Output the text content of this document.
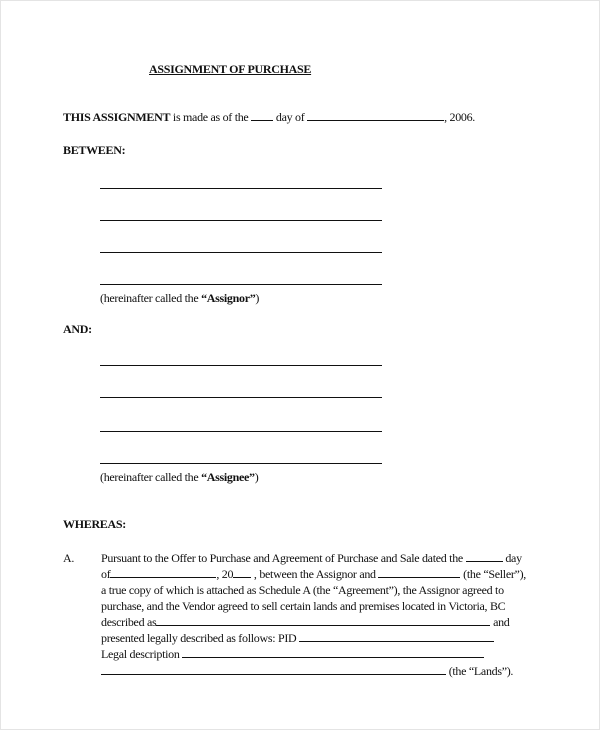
ASSIGNMENT OF PURCHASE
THIS ASSIGNMENT is made as of the  day of	, 2006.
BETWEEN:
(hereinafter called the “Assignor”)
AND:
(hereinafter called the “Assignee”)
WHEREAS:
A. Pursuant to the Offer to Purchase and Agreement of Purchase and Sale dated the	day
of	, 20 , between the Assignor and	(the “Seller”),
a true copy of which is attached as Schedule A (the “Agreement”), the Assignor agreed to
purchase, and the Vendor agreed to sell certain lands and premises located in Victoria, BC
described as	and
presented legally described as follows: PID
Legal description
(the “Lands”).
